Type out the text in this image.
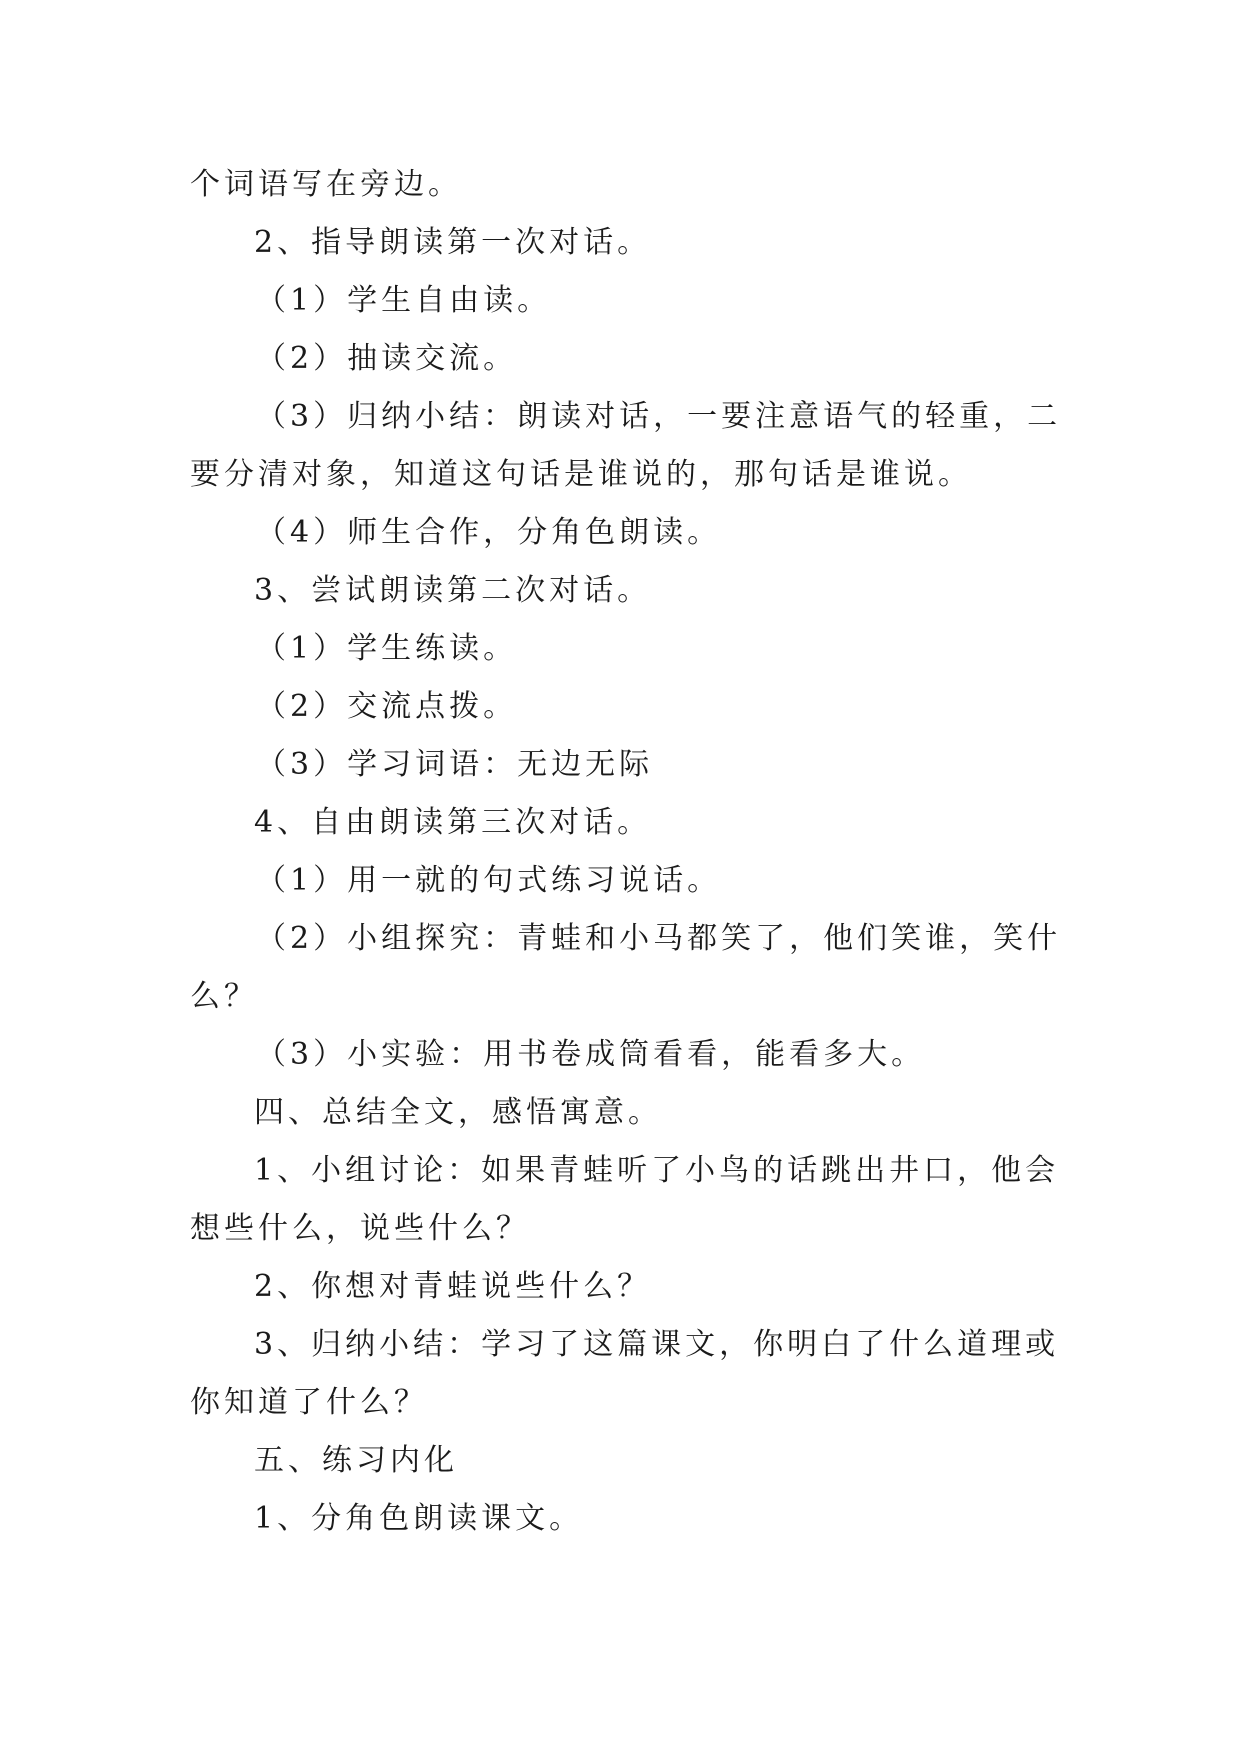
个词语写在旁边。
2、指导朗读第一次对话。
（1）学生自由读。
（2）抽读交流。
（3）归纳小结：朗读对话，一要注意语气的轻重，二
要分清对象，知道这句话是谁说的，那句话是谁说。
（4）师生合作，分角色朗读。
3、尝试朗读第二次对话。
（1）学生练读。
（2）交流点拨。
（3）学习词语：无边无际
4、自由朗读第三次对话。
（1）用一就的句式练习说话。
（2）小组探究：青蛙和小马都笑了，他们笑谁，笑什
么？
（3）小实验：用书卷成筒看看，能看多大。
四、总结全文，感悟寓意。
1、小组讨论：如果青蛙听了小鸟的话跳出井口，他会
想些什么，说些什么？
2、你想对青蛙说些什么？
3、归纳小结：学习了这篇课文，你明白了什么道理或
你知道了什么？
五、练习内化
1、分角色朗读课文。
